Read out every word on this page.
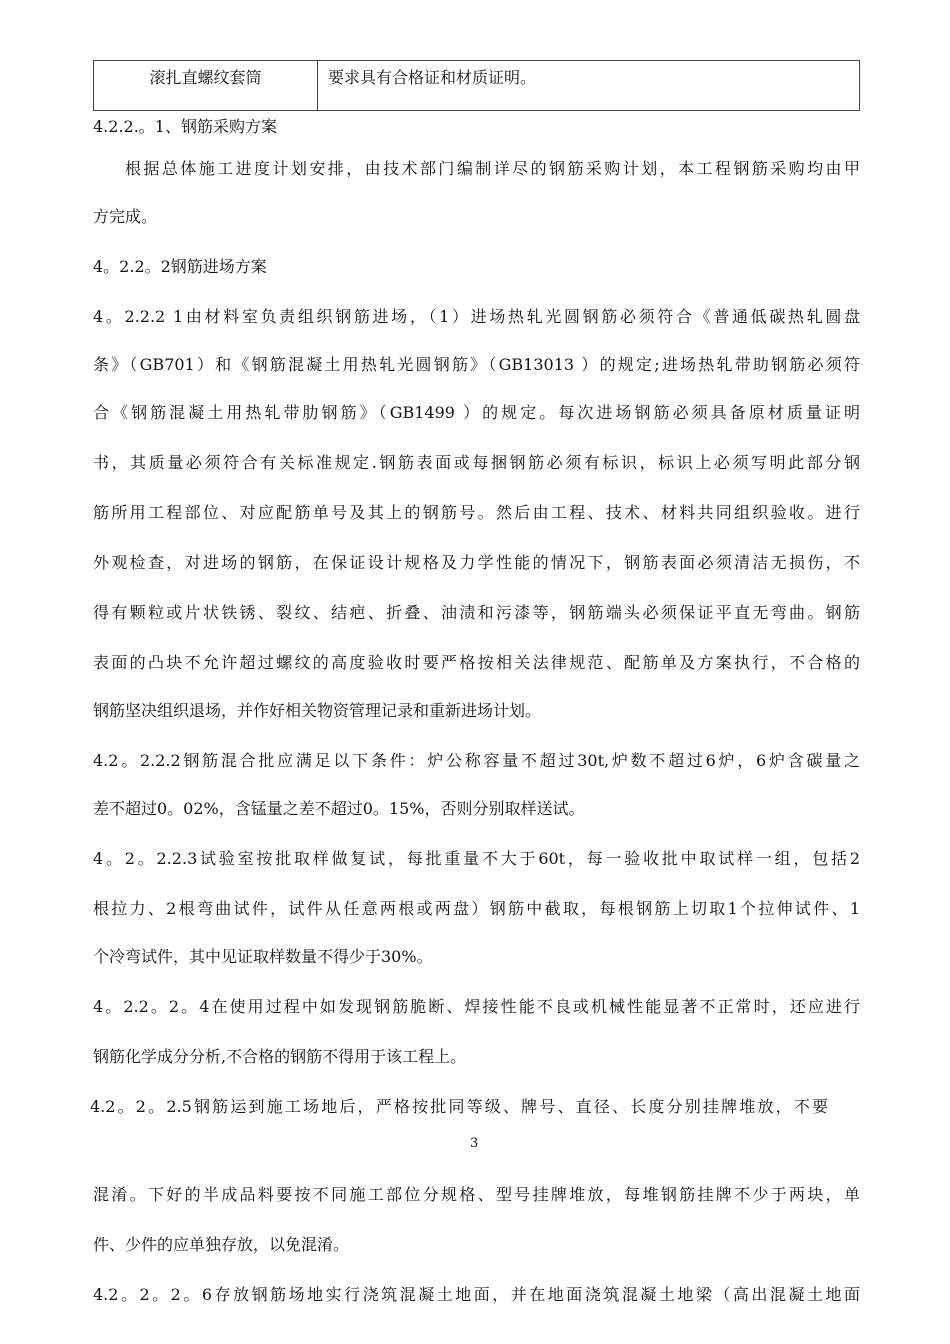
滚扎直螺纹套筒	要求具有合格证和材质证明。
4.2.2.。1、钢筋采购方案
根据总体施工进度计划安排，由技术部门编制详尽的钢筋采购计划，本工程钢筋采购均由甲
方完成。
4。2.2。2钢筋进场方案
4。2.2.2 1由材料室负责组织钢筋进场，（1）进场热轧光圆钢筋必须符合《普通低碳热轧圆盘
条》（GB701）和《钢筋混凝土用热轧光圆钢筋》（GB13013 ）的规定;进场热轧带助钢筋必须符
合《钢筋混凝土用热轧带肋钢筋》（GB1499 ）的规定。每次进场钢筋必须具备原材质量证明
书，其质量必须符合有关标准规定.钢筋表面或每捆钢筋必须有标识，标识上必须写明此部分钢
筋所用工程部位、对应配筋单号及其上的钢筋号。然后由工程、技术、材料共同组织验收。进行
外观检查，对进场的钢筋，在保证设计规格及力学性能的情况下，钢筋表面必须清洁无损伤，不
得有颗粒或片状铁锈、裂纹、结疤、折叠、油渍和污漆等，钢筋端头必须保证平直无弯曲。钢筋
表面的凸块不允许超过螺纹的高度验收时要严格按相关法律规范、配筋单及方案执行，不合格的
钢筋坚决组织退场，并作好相关物资管理记录和重新进场计划。
4.2。2.2.2钢筋混合批应满足以下条件：炉公称容量不超过30t,炉数不超过6炉，6炉含碳量之
差不超过0。02%，含锰量之差不超过0。15%，否则分别取样送试。
4。2。2.2.3试验室按批取样做复试，每批重量不大于60t，每一验收批中取试样一组，包括2
根拉力、2根弯曲试件，试件从任意两根或两盘）钢筋中截取，每根钢筋上切取1个拉伸试件、1
个冷弯试件，其中见证取样数量不得少于30%。
4。2.2。2。4在使用过程中如发现钢筋脆断、焊接性能不良或机械性能显著不正常时，还应进行
钢筋化学成分分析,不合格的钢筋不得用于该工程上。
4.2。2。2.5钢筋运到施工场地后，严格按批同等级、牌号、直径、长度分别挂牌堆放，不要
3
混淆。下好的半成品料要按不同施工部位分规格、型号挂牌堆放，每堆钢筋挂牌不少于两块，单
件、少件的应单独存放，以免混淆。
4.2。2。2。6存放钢筋场地实行浇筑混凝土地面，并在地面浇筑混凝土地梁（高出混凝土地面
